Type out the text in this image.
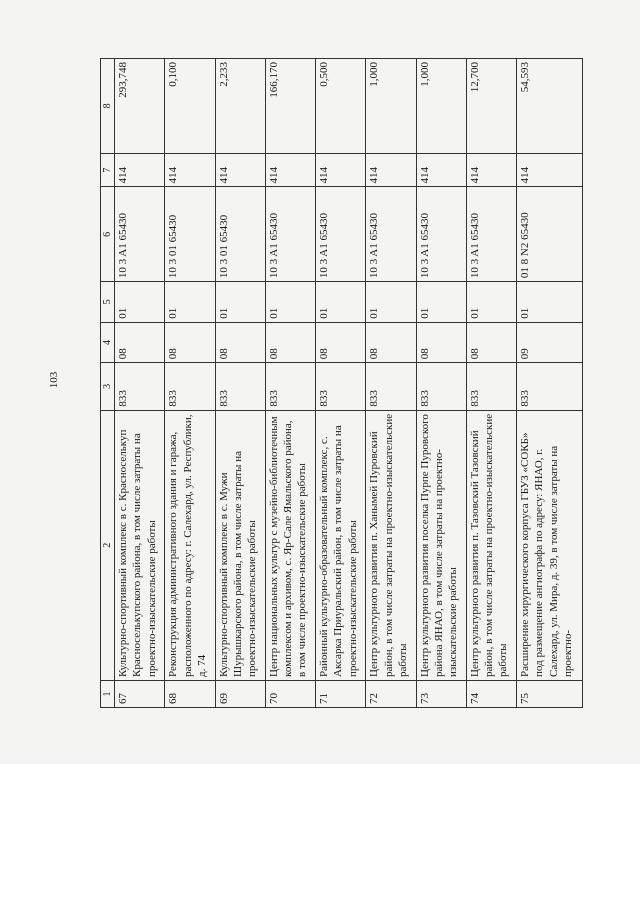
103
1	2	3	4	5	6	7	8
67	Культурно-спортивный комплекс в с. Красноселькуп Красноселькупского района, в том числе затраты на проектно-изыскательские работы	833	08	01	10 3 A1 65430	414	293,748
68	Реконструкция административного здания и гаража, расположенного по адресу: г. Салехард, ул. Республики, д. 74	833	08	01	10 3 01 65430	414	0,100
69	Культурно-спортивный комплекс в с. Мужи Шурышкарского района, в том числе затраты на проектно-изыскательские работы	833	08	01	10 3 01 65430	414	2,233
70	Центр национальных культур с музейно-библиотечным комплексом и архивом, с. Яр-Сале Ямальского района, в том числе проектно-изыскательские работы	833	08	01	10 3 A1 65430	414	166,170
71	Районный культурно-образовательный комплекс, с. Аксарка Приуральский район, в том числе затраты на проектно-изыскательские работы	833	08	01	10 3 A1 65430	414	0,500
72	Центр культурного развития п. Ханымей Пуровский район, в том числе затраты на проектно-изыскательские работы	833	08	01	10 3 A1 65430	414	1,000
73	Центр культурного развития поселка Пурпе Пуровского района ЯНАО, в том числе затраты на проектно-изыскательские работы	833	08	01	10 3 A1 65430	414	1,000
74	Центр культурного развития п. Тазовский Тазовский район, в том числе затраты на проектно-изыскательские работы	833	08	01	10 3 A1 65430	414	12,700
75	Расширение хирургического корпуса ГБУЗ «СОКБ» под размещение ангиографа по адресу: ЯНАО, г. Салехард, ул. Мира, д. 39, в том числе затраты на проектно-	833	09	01	01 8 N2 65430	414	54,593
